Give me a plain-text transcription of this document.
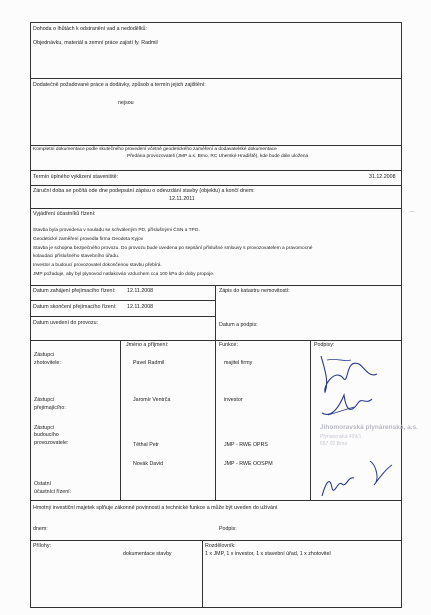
Dohoda o lhůtách k odstranění vad a nedodělků:
Objednávku, materiál a zemní práce zajistí fy. Radmil
Dodatečně požadované práce a dodávky, způsob a termín jejich zajištění:
nejsou
Kompletní dokumentace podle skutečného provedení včetně geodetického zaměření a dodavatelské dokumentace
Předána provozovateli (JMP a.s. Brno, RC Uherské Hradiště), kde bude dále uložena
Termín úplného vyklizení staveniště:	31.12.2008
Záruční doba se počítá ode dne podepsání zápisu o odevzdání stavby (objektu) a končí dnem:
12.11.2011
Vyjádření účastníků řízení:
Stavba byla provedena v souladu se schváleným PD, příslušnými ČSN a TPG.
Geodetické zaměření provedla firma Geodeta Kyjov
Stavba je schopna bezpečného provozu. Do provozu bude uvedena po sepsání příslušné smlouvy s provozovatelem a pravomocné
kolaudaci příslušného stavebního úřadu.
Investor a budoucí provozovatel dokončenou stavbu přebírá.
JMP požaduje, aby byl plynovod natlakován vzduchem cca 100 kPa do doby propoje.
Datum zahájení přejímacího řízení: 12.11.2008	Zápis do katastru nemovitostí:
Datum skončení přejímacího řízení: 12.11.2008
Datum uvedení do provozu:	Datum a podpis:
Jméno a příjmení:	Funkce:	Podpisy:
Zástupci
zhotovitele:	Pavel Radmil	majitel firmy
Zástupci
přejímajícího:
Jaromír Ventrča	investor
Zástupci
budoucího
provozovatele:	Těthal Petr	JMP - RWE OPRS
Novák David	JMP - RWE OOSPM
Ostatní
účastníci řízení:
Jihomoravská plynárenská, a.s.
Plynárenská 499/1
657 02 Brno
Hmotný investiční majetek splňuje zákonné povinnosti a technické funkce a může být uveden do užívání
dnem:	Podpis:
Přílohy:
dokumentace stavby
Rozdělovník:
1 x JMP, 1 x investor, 1 x stavební úřad, 1 x zhotovitel
⌒
